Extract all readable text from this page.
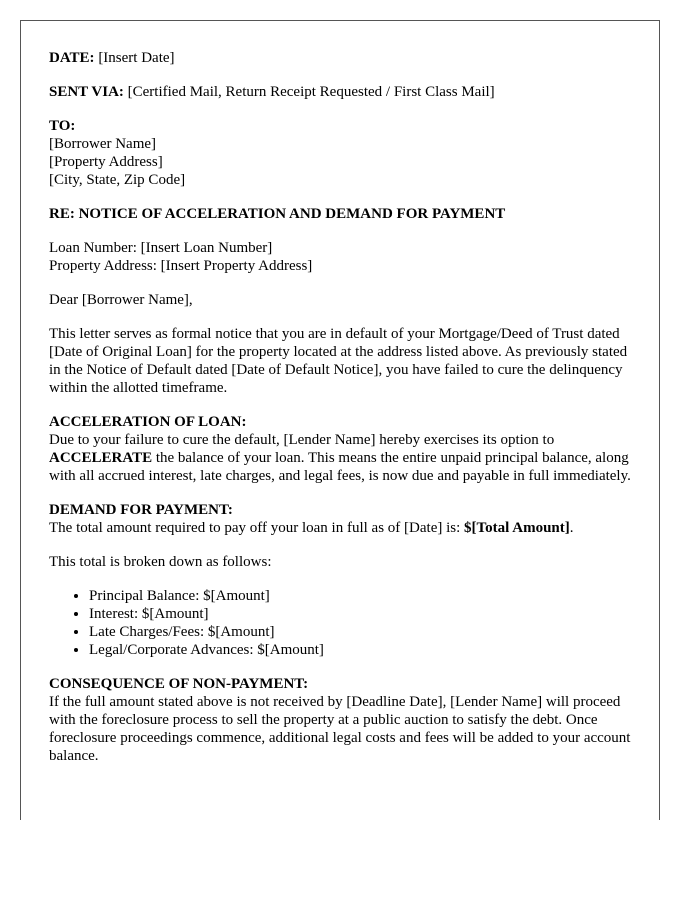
DATE: [Insert Date]

SENT VIA: [Certified Mail, Return Receipt Requested / First Class Mail]

TO:
[Borrower Name]
[Property Address]
[City, State, Zip Code]

RE: NOTICE OF ACCELERATION AND DEMAND FOR PAYMENT

Loan Number: [Insert Loan Number]
Property Address: [Insert Property Address]

Dear [Borrower Name],

This letter serves as formal notice that you are in default of your Mortgage/Deed of Trust dated [Date of Original Loan] for the property located at the address listed above. As previously stated in the Notice of Default dated [Date of Default Notice], you have failed to cure the delinquency within the allotted timeframe.

ACCELERATION OF LOAN:
Due to your failure to cure the default, [Lender Name] hereby exercises its option to ACCELERATE the balance of your loan. This means the entire unpaid principal balance, along with all accrued interest, late charges, and legal fees, is now due and payable in full immediately.

DEMAND FOR PAYMENT:
The total amount required to pay off your loan in full as of [Date] is: $[Total Amount].

This total is broken down as follows:

• Principal Balance: $[Amount]
• Interest: $[Amount]
• Late Charges/Fees: $[Amount]
• Legal/Corporate Advances: $[Amount]

CONSEQUENCE OF NON-PAYMENT:
If the full amount stated above is not received by [Deadline Date], [Lender Name] will proceed with the foreclosure process to sell the property at a public auction to satisfy the debt. Once foreclosure proceedings commence, additional legal costs and fees will be added to your account balance.
